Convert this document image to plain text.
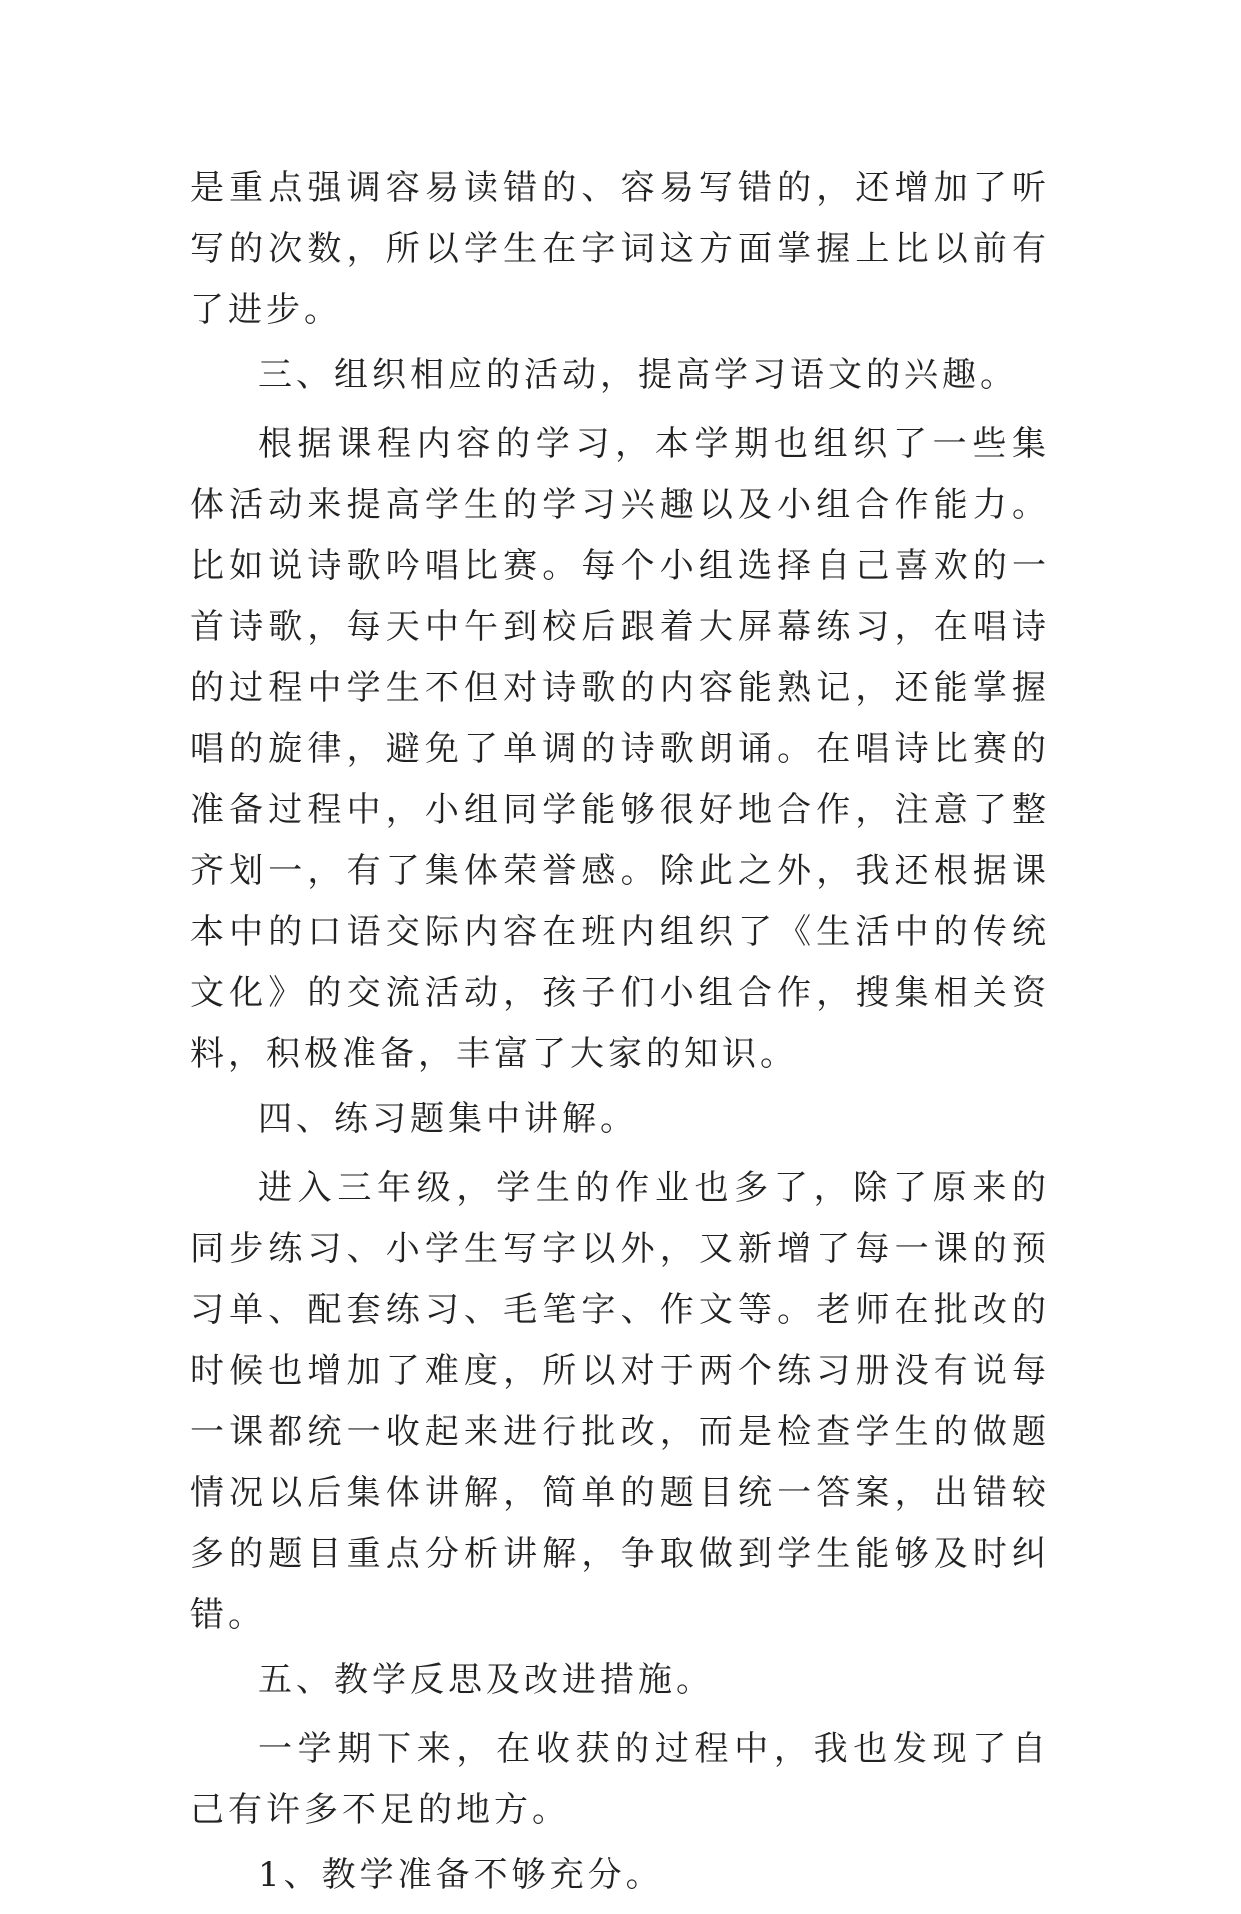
是重点强调容易读错的、容易写错的，还增加了听写的次数，所以学生在字词这方面掌握上比以前有了进步。

三、组织相应的活动，提高学习语文的兴趣。

根据课程内容的学习，本学期也组织了一些集体活动来提高学生的学习兴趣以及小组合作能力。比如说诗歌吟唱比赛。每个小组选择自己喜欢的一首诗歌，每天中午到校后跟着大屏幕练习，在唱诗的过程中学生不但对诗歌的内容能熟记，还能掌握唱的旋律，避免了单调的诗歌朗诵。在唱诗比赛的准备过程中，小组同学能够很好地合作，注意了整齐划一，有了集体荣誉感。除此之外，我还根据课本中的口语交际内容在班内组织了《生活中的传统文化》的交流活动，孩子们小组合作，搜集相关资料，积极准备，丰富了大家的知识。

四、练习题集中讲解。

进入三年级，学生的作业也多了，除了原来的同步练习、小学生写字以外，又新增了每一课的预习单、配套练习、毛笔字、作文等。老师在批改的时候也增加了难度，所以对于两个练习册没有说每一课都统一收起来进行批改，而是检查学生的做题情况以后集体讲解，简单的题目统一答案，出错较多的题目重点分析讲解，争取做到学生能够及时纠错。

五、教学反思及改进措施。

一学期下来，在收获的过程中，我也发现了自己有许多不足的地方。

1、教学准备不够充分。
